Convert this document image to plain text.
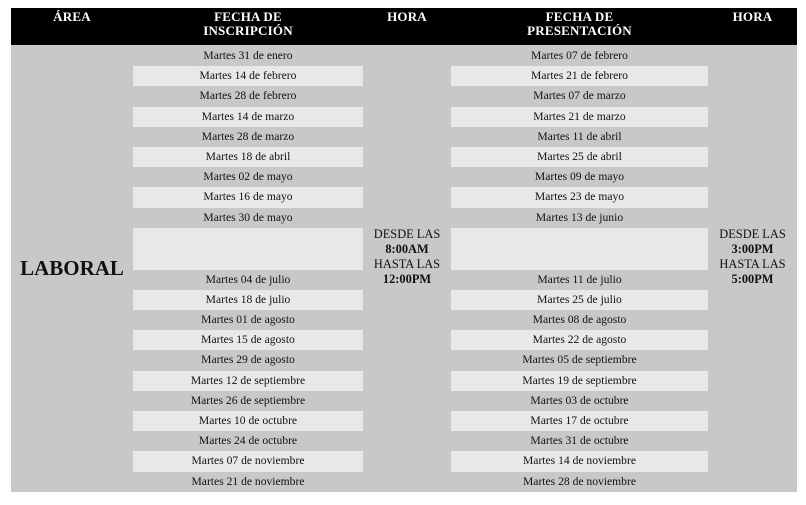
ÁREA	FECHA DE
INSCRIPCIÓN
HORA	FECHA DE
PRESENTACIÓN
HORA
LABORAL
Martes 31 de enero
Martes 14 de febrero
Martes 28 de febrero
Martes 14 de marzo
Martes 28 de marzo
Martes 18 de abril
Martes 02 de mayo
Martes 16 de mayo
Martes 30 de mayo
Martes 04 de julio
Martes 18 de julio
Martes 01 de agosto
Martes 15 de agosto
Martes 29 de agosto
Martes 12 de septiembre
Martes 26 de septiembre
Martes 10 de octubre
Martes 24 de octubre
Martes 07 de noviembre
Martes 21 de noviembre
DESDE LAS
8:00AM
HASTA LAS
12:00PM
Martes 07 de febrero
Martes 21 de febrero
Martes 07 de marzo
Martes 21 de marzo
Martes 11 de abril
Martes 25 de abril
Martes 09 de mayo
Martes 23 de mayo
Martes 13 de junio
Martes 11 de julio
Martes 25 de julio
Martes 08 de agosto
Martes 22 de agosto
Martes 05 de septiembre
Martes 19 de septiembre
Martes 03 de octubre
Martes 17 de octubre
Martes 31 de octubre
Martes 14 de noviembre
Martes 28 de noviembre
DESDE LAS
3:00PM
HASTA LAS
5:00PM
